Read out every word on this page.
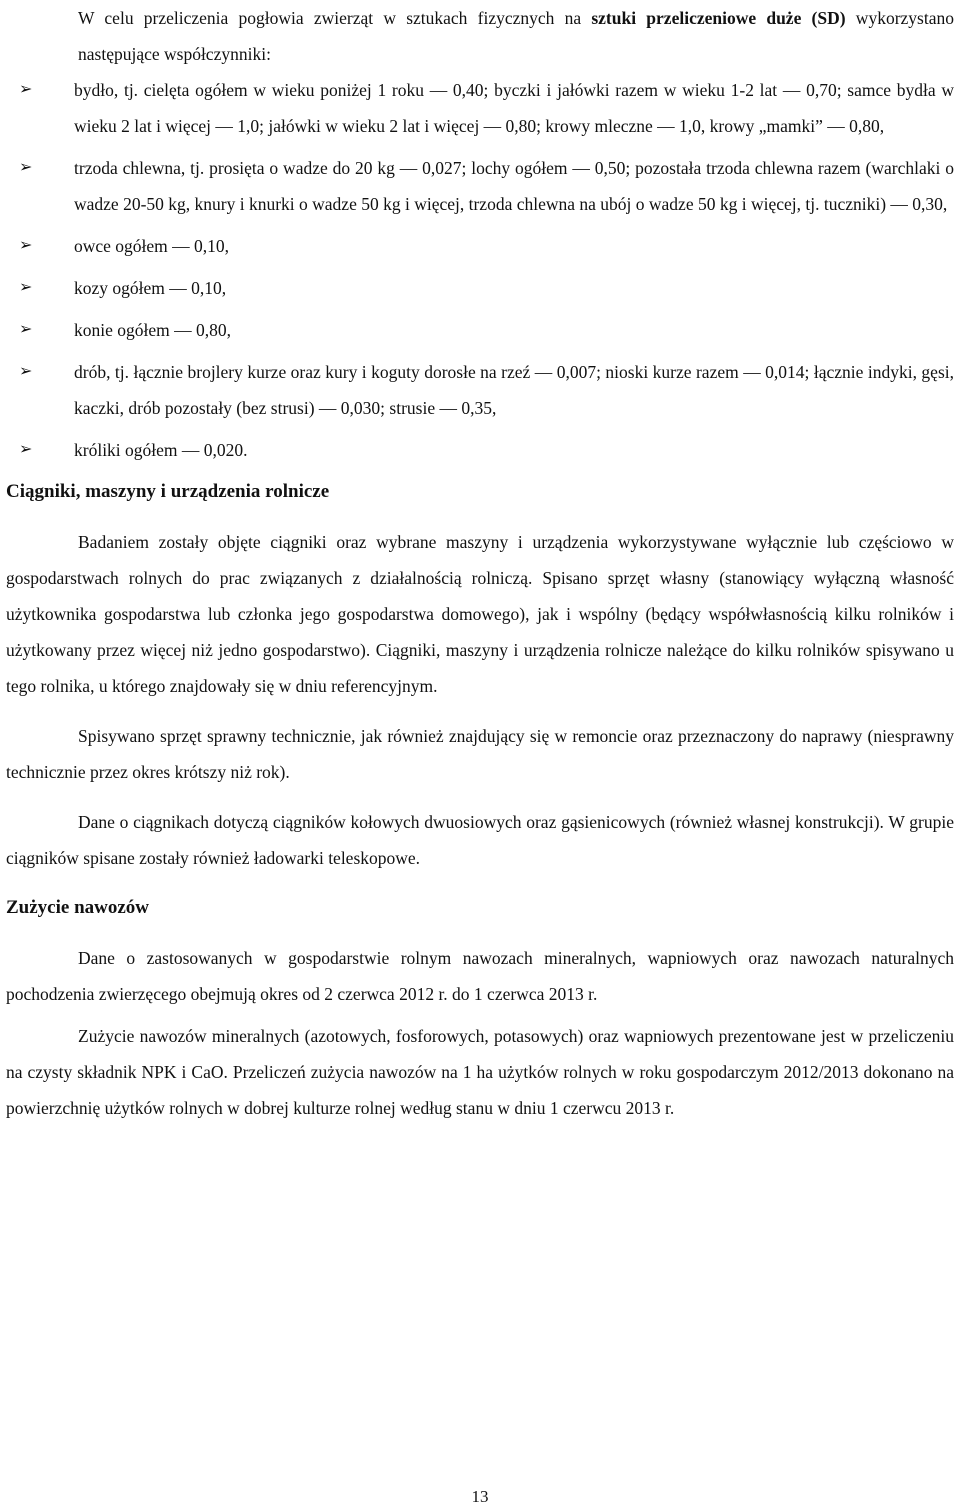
W celu przeliczenia pogłowia zwierząt w sztukach fizycznych na sztuki przeliczeniowe duże (SD) wykorzystano następujące współczynniki:

➢ bydło, tj. cielęta ogółem w wieku poniżej 1 roku — 0,40; byczki i jałówki razem w wieku 1-2 lat — 0,70; samce bydła w wieku 2 lat i więcej — 1,0; jałówki w wieku 2 lat i więcej — 0,80; krowy mleczne — 1,0, krowy „mamki” — 0,80,
➢ trzoda chlewna, tj. prosięta o wadze do 20 kg — 0,027; lochy ogółem — 0,50; pozostała trzoda chlewna razem (warchlaki o wadze 20-50 kg, knury i knurki o wadze 50 kg i więcej, trzoda chlewna na ubój o wadze 50 kg i więcej, tj. tuczniki) — 0,30,
➢ owce ogółem — 0,10,
➢ kozy ogółem — 0,10,
➢ konie ogółem — 0,80,
➢ drób, tj. łącznie brojlery kurze oraz kury i koguty dorosłe na rzeź — 0,007; nioski kurze razem — 0,014; łącznie indyki, gęsi, kaczki, drób pozostały (bez strusi) — 0,030; strusie — 0,35,
➢ króliki ogółem — 0,020.
Ciągniki, maszyny i urządzenia rolnicze

Badaniem zostały objęte ciągniki oraz wybrane maszyny i urządzenia wykorzystywane wyłącznie lub częściowo w gospodarstwach rolnych do prac związanych z działalnością rolniczą. Spisano sprzęt własny (stanowiący wyłączną własność użytkownika gospodarstwa lub członka jego gospodarstwa domowego), jak i wspólny (będący współwłasnością kilku rolników i użytkowany przez więcej niż jedno gospodarstwo). Ciągniki, maszyny i urządzenia rolnicze należące do kilku rolników spisywano u tego rolnika, u którego znajdowały się w dniu referencyjnym.

Spisywano sprzęt sprawny technicznie, jak również znajdujący się w remoncie oraz przeznaczony do naprawy (niesprawny technicznie przez okres krótszy niż rok).

Dane o ciągnikach dotyczą ciągników kołowych dwuosiowych oraz gąsienicowych (również własnej konstrukcji). W grupie ciągników spisane zostały również ładowarki teleskopowe.

Zużycie nawozów

Dane o zastosowanych w gospodarstwie rolnym nawozach mineralnych, wapniowych oraz nawozach naturalnych pochodzenia zwierzęcego obejmują okres od 2 czerwca 2012 r. do 1 czerwca 2013 r.

Zużycie nawozów mineralnych (azotowych, fosforowych, potasowych) oraz wapniowych prezentowane jest w przeliczeniu na czysty składnik NPK i CaO. Przeliczeń zużycia nawozów na 1 ha użytków rolnych w roku gospodarczym 2012/2013 dokonano na powierzchnię użytków rolnych w dobrej kulturze rolnej według stanu w dniu 1 czerwcu 2013 r.

13
